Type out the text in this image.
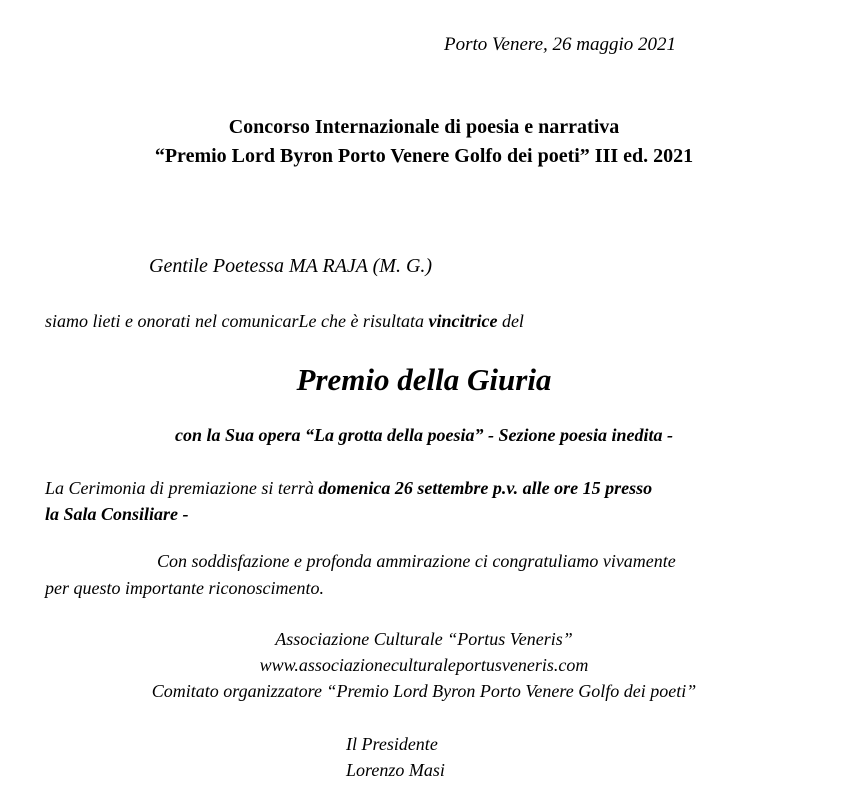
Porto Venere, 26 maggio 2021

Concorso Internazionale di poesia e narrativa

“Premio Lord Byron Porto Venere Golfo dei poeti” III ed. 2021

Gentile Poetessa MA RAJA (M. G.)

siamo lieti e onorati nel comunicarLe che è risultata vincitrice del

Premio della Giuria

con la Sua opera “La grotta della poesia” - Sezione poesia inedita -

La Cerimonia di premiazione si terrà domenica 26 settembre p.v. alle ore 15 presso

la Sala Consiliare -

Con soddisfazione e profonda ammirazione ci congratuliamo vivamente

per questo importante riconoscimento.

Associazione Culturale “Portus Veneris”

www.associazioneculturaleportusveneris.com

Comitato organizzatore “Premio Lord Byron Porto Venere Golfo dei poeti”

Il Presidente

Lorenzo Masi
